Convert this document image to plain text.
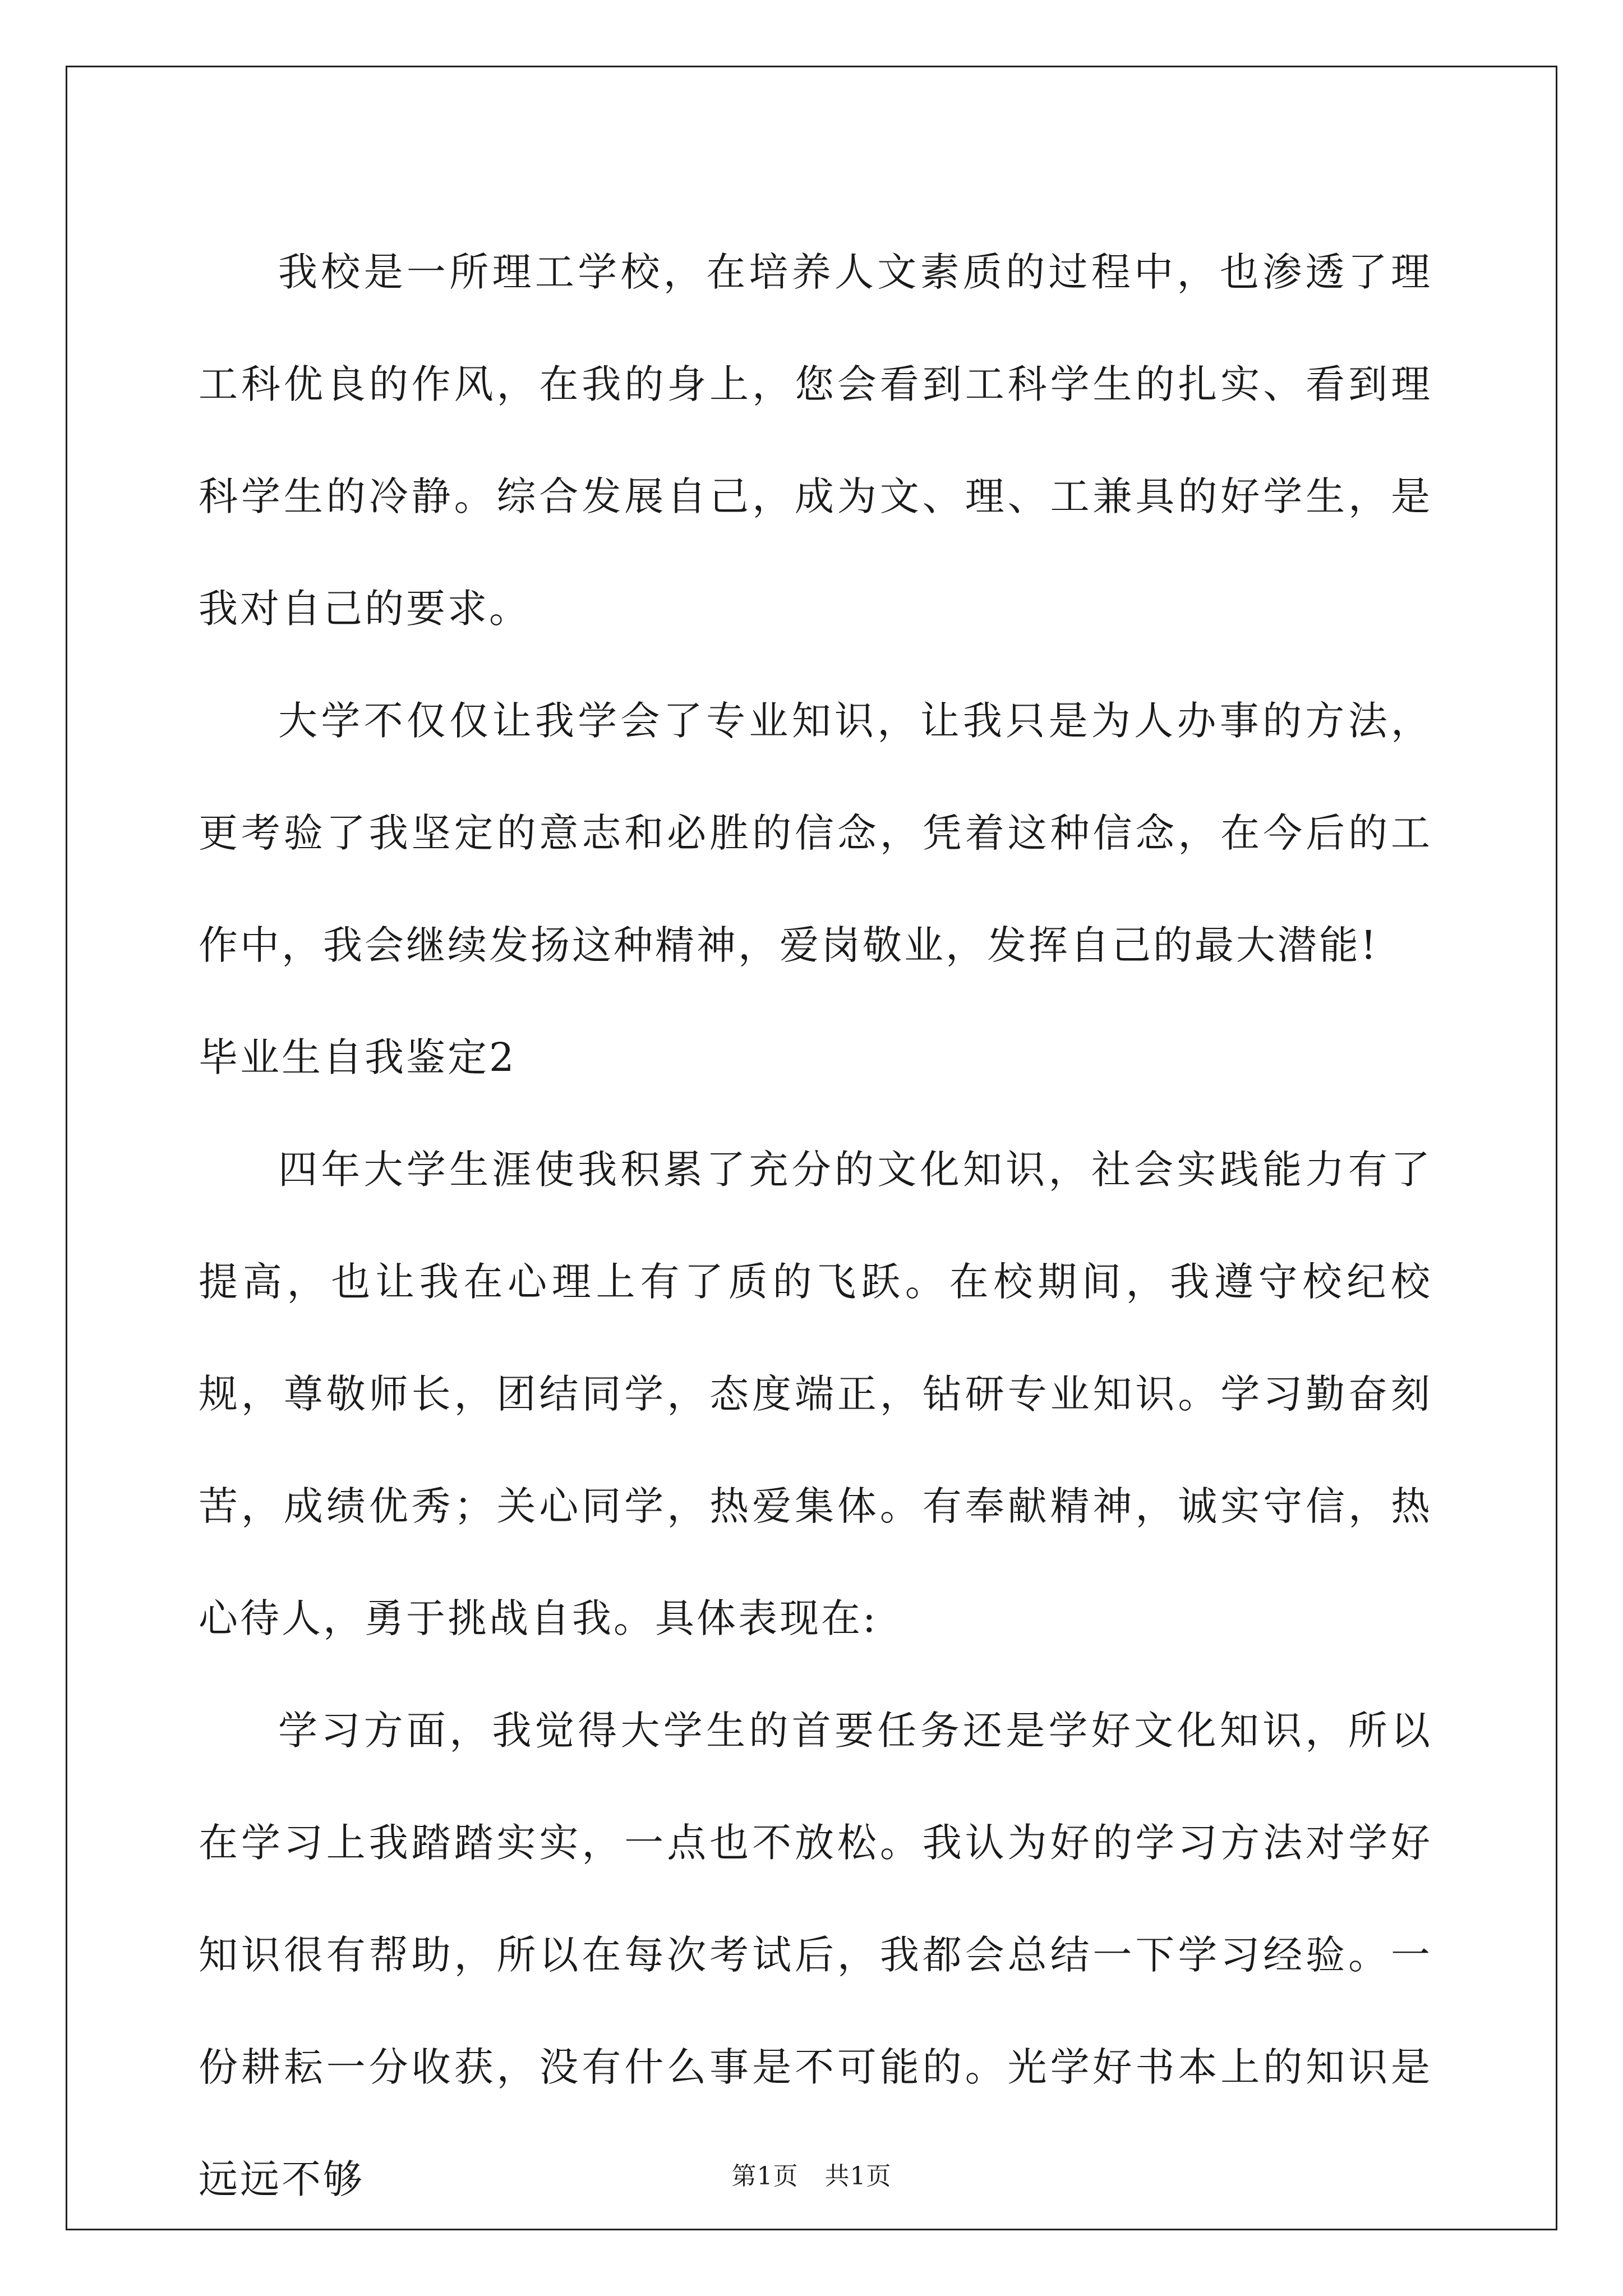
我校是一所理工学校，在培养人文素质的过程中，也渗透了理工科优良的作风，在我的身上，您会看到工科学生的扎实、看到理科学生的冷静。综合发展自己，成为文、理、工兼具的好学生，是我对自己的要求。

大学不仅仅让我学会了专业知识，让我只是为人办事的方法，更考验了我坚定的意志和必胜的信念，凭着这种信念，在今后的工作中，我会继续发扬这种精神，爱岗敬业，发挥自己的最大潜能!

毕业生自我鉴定2

四年大学生涯使我积累了充分的文化知识，社会实践能力有了提高，也让我在心理上有了质的飞跃。在校期间，我遵守校纪校规，尊敬师长，团结同学，态度端正，钻研专业知识。学习勤奋刻苦，成绩优秀；关心同学，热爱集体。有奉献精神，诚实守信，热心待人，勇于挑战自我。具体表现在:

学习方面，我觉得大学生的首要任务还是学好文化知识，所以在学习上我踏踏实实，一点也不放松。我认为好的学习方法对学好知识很有帮助，所以在每次考试后，我都会总结一下学习经验。一份耕耘一分收获，没有什么事是不可能的。光学好书本上的知识是远远不够	第1页 共1页
